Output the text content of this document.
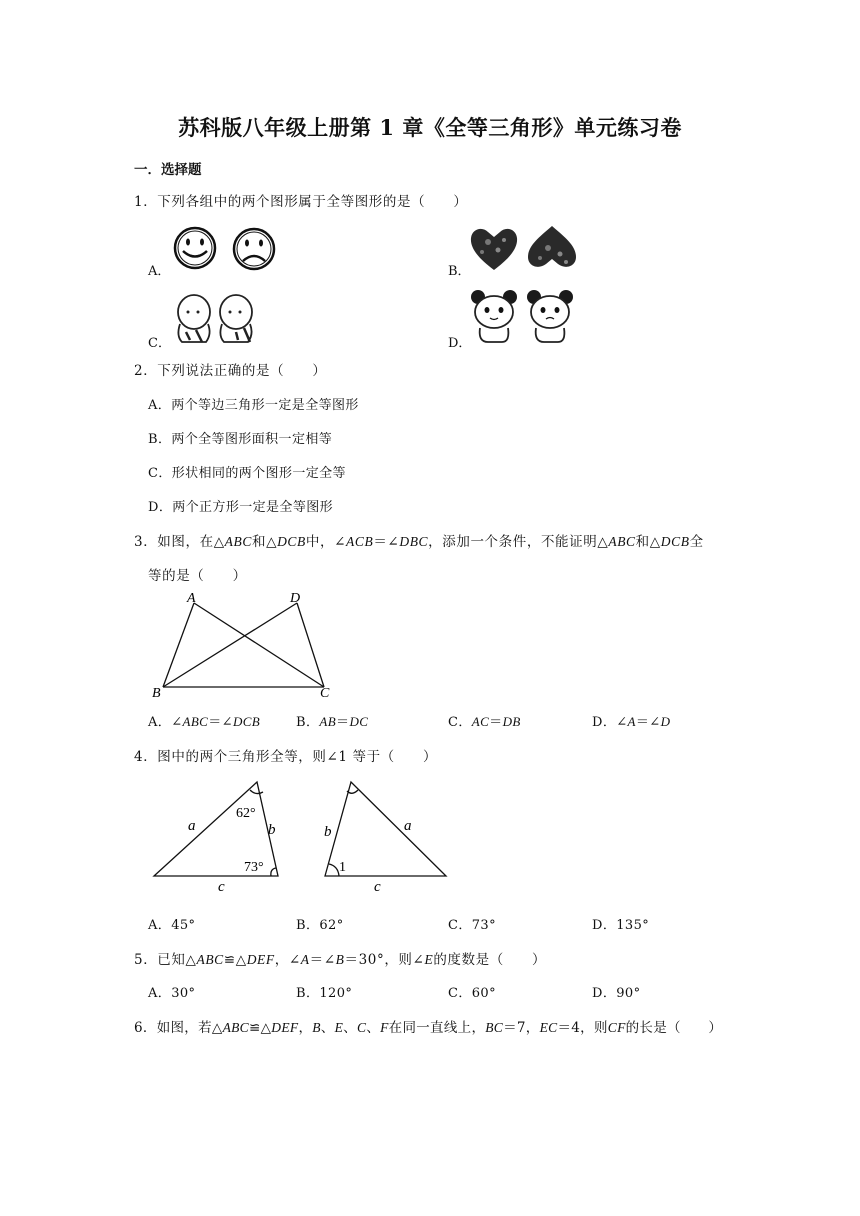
苏科版八年级上册第 1 章《全等三角形》单元练习卷
一．选择题
1．下列各组中的两个图形属于全等图形的是（　　）
A．	B．
C．	D．
2．下列说法正确的是（　　）
A．两个等边三角形一定是全等图形
B．两个全等图形面积一定相等
C．形状相同的两个图形一定全等
D．两个正方形一定是全等图形
3．如图，在△ABC和△DCB中，∠ACB＝∠DBC，添加一个条件，不能证明△ABC和△DCB全
等的是（　　）
A	D
B	C
A．∠ABC＝∠DCB	B．AB＝DC	C．AC＝DB	D．∠A＝∠D
4．图中的两个三角形全等，则∠1 等于（　　）
62°
73°
a	b
c
b	a
c
1
A．45°	B．62°	C．73°	D．135°
5．已知△ABC≌△DEF，∠A＝∠B＝30°，则∠E的度数是（　　）
A．30°	B．120°	C．60°	D．90°
6．如图，若△ABC≌△DEF，B、E、C、F在同一直线上，BC＝7，EC＝4，则CF的长是（　　）
